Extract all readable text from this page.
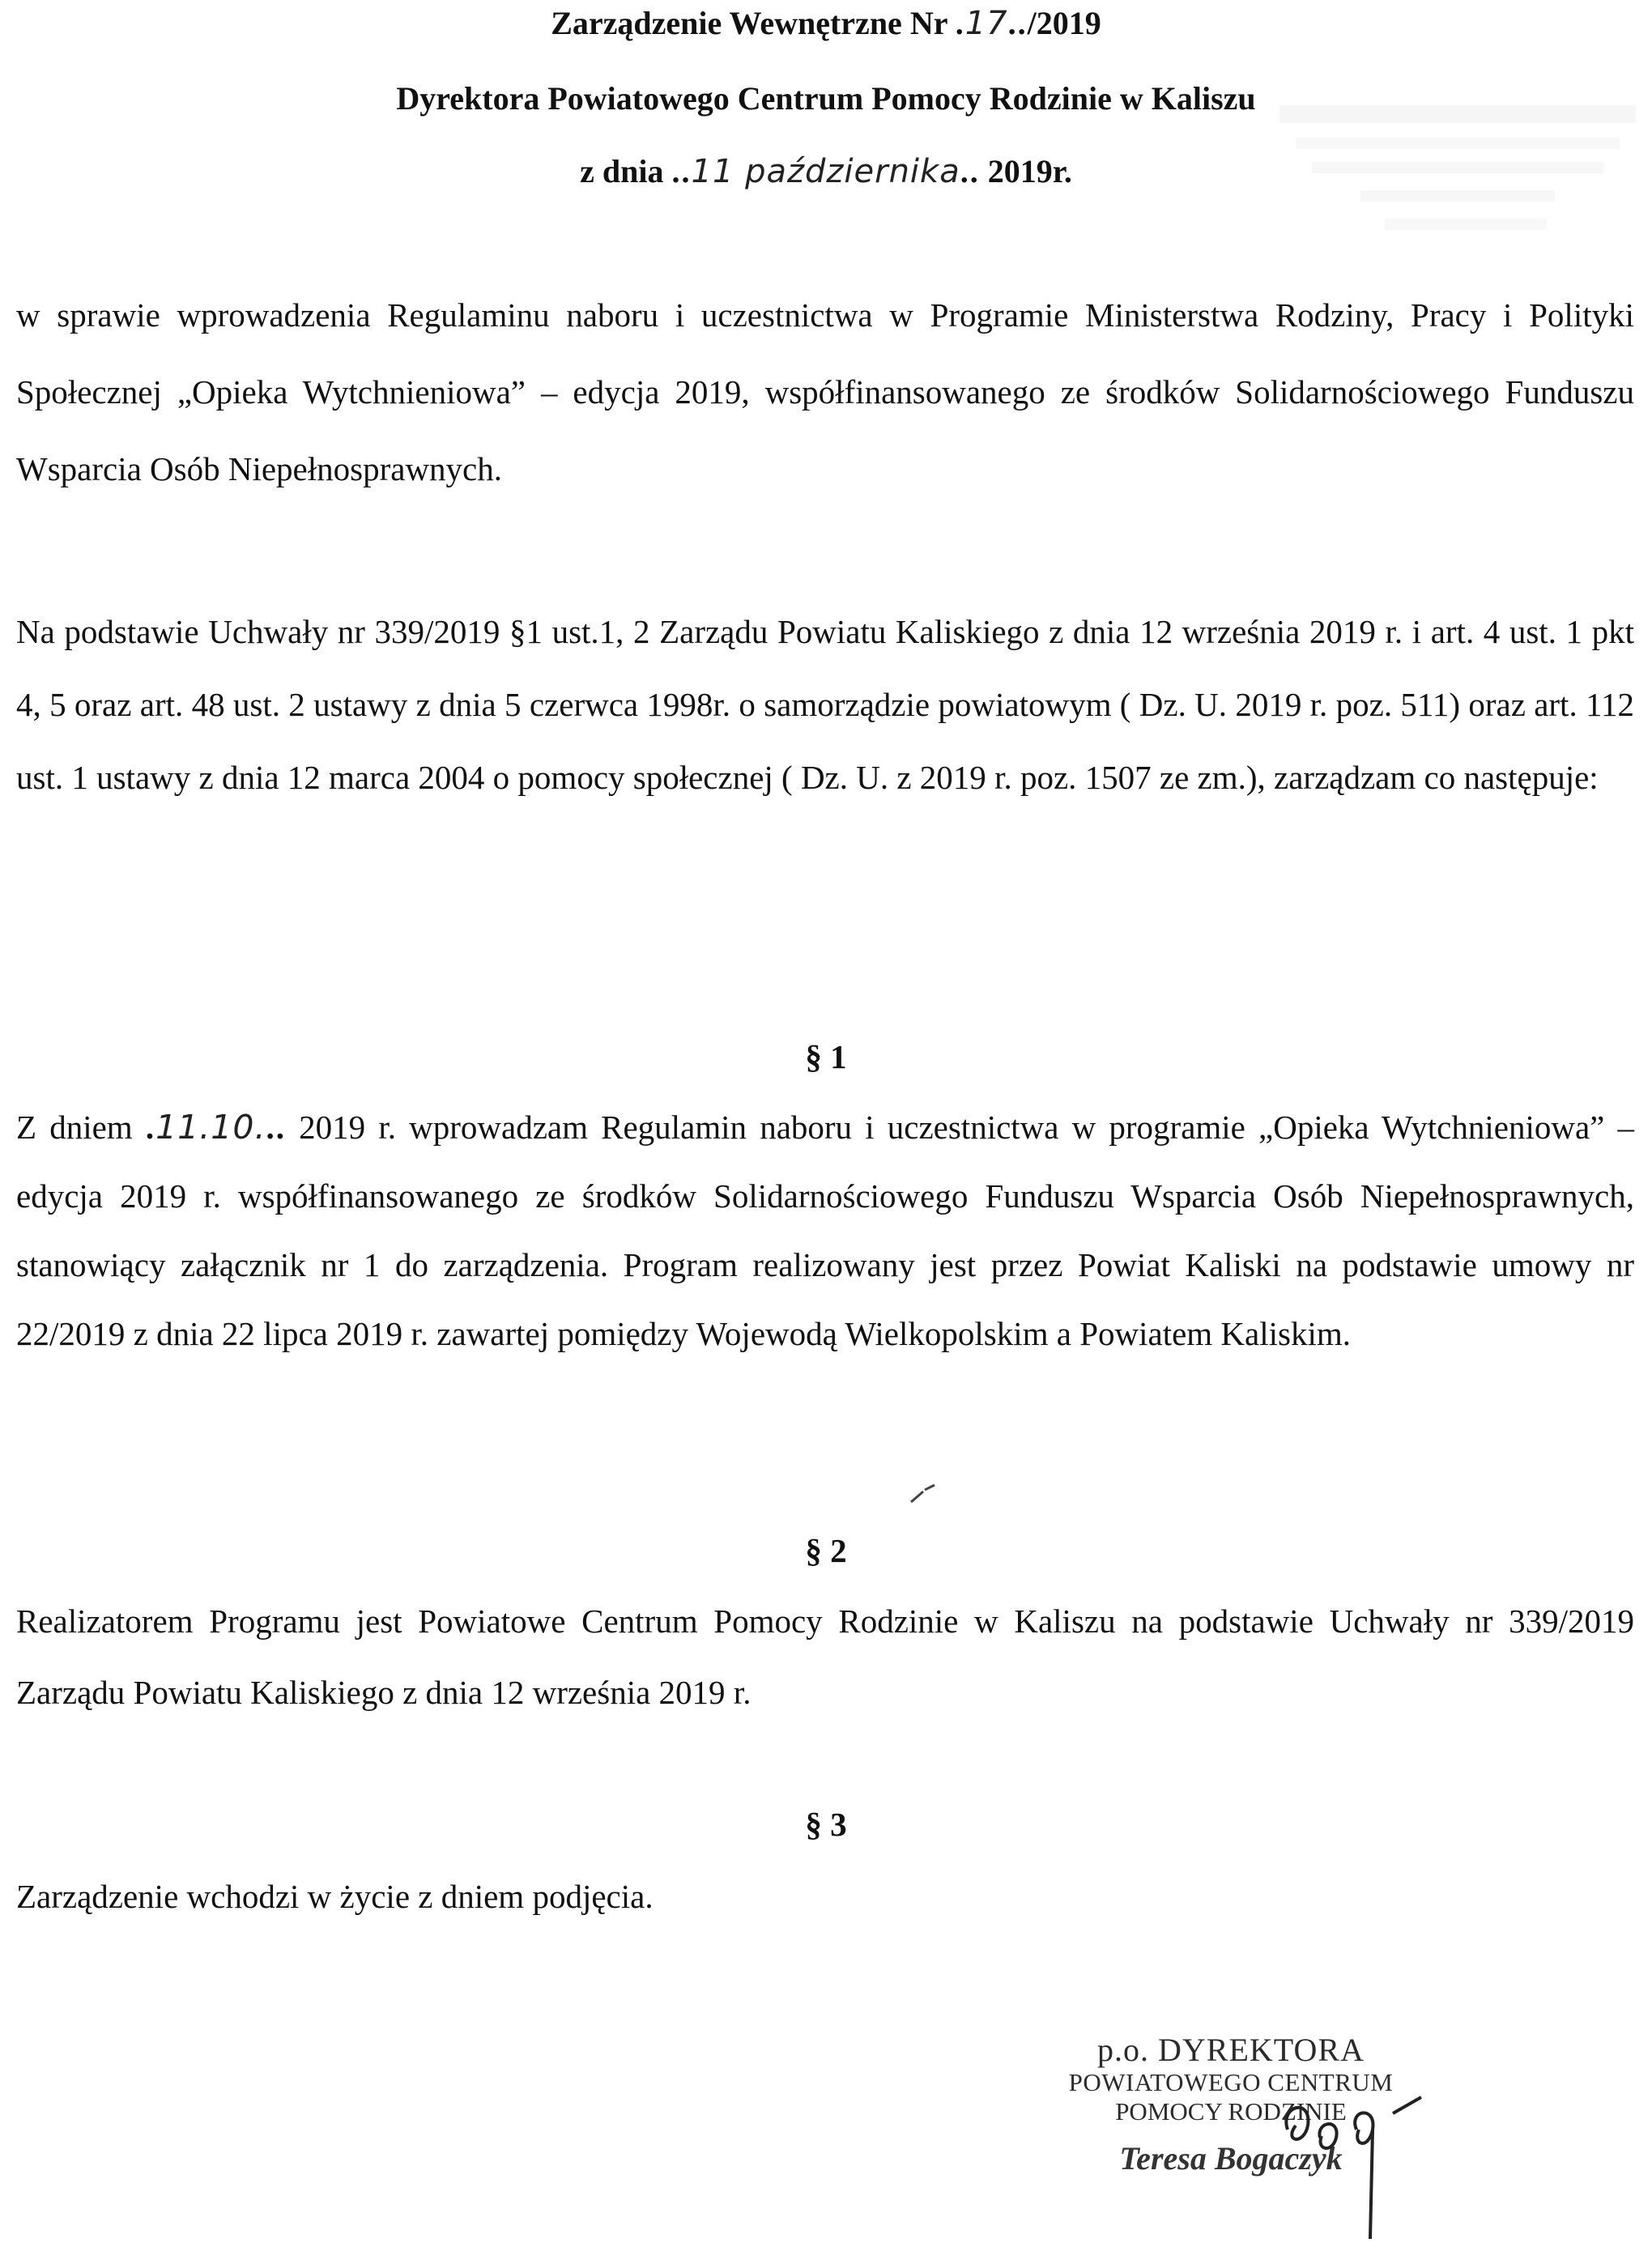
Zarządzenie Wewnętrzne Nr .17../2019
Dyrektora Powiatowego Centrum Pomocy Rodzinie w Kaliszu
z dnia ..11 października.. 2019r.
w sprawie wprowadzenia Regulaminu naboru i uczestnictwa w Programie Ministerstwa Rodziny, Pracy i Polityki Społecznej „Opieka Wytchnieniowa” – edycja 2019, współfinansowanego ze środków Solidarnościowego Funduszu Wsparcia Osób Niepełnosprawnych.
Na podstawie Uchwały nr 339/2019 §1 ust.1, 2 Zarządu Powiatu Kaliskiego z dnia 12 września 2019 r. i art. 4 ust. 1 pkt 4, 5 oraz art. 48 ust. 2 ustawy z dnia 5 czerwca 1998r. o samorządzie powiatowym ( Dz. U. 2019 r. poz. 511) oraz art. 112 ust. 1 ustawy z dnia 12 marca 2004 o pomocy społecznej ( Dz. U. z 2019 r. poz. 1507 ze zm.), zarządzam co następuje:
§ 1
Z dniem .11.10... 2019 r. wprowadzam Regulamin naboru i uczestnictwa w programie „Opieka Wytchnieniowa” – edycja 2019 r. współfinansowanego ze środków Solidarnościowego Funduszu Wsparcia Osób Niepełnosprawnych, stanowiący załącznik nr 1 do zarządzenia. Program realizowany jest przez Powiat Kaliski na podstawie umowy nr 22/2019 z dnia 22 lipca 2019 r. zawartej pomiędzy Wojewodą Wielkopolskim a Powiatem Kaliskim.
§ 2
Realizatorem Programu jest Powiatowe Centrum Pomocy Rodzinie w Kaliszu na podstawie Uchwały nr 339/2019 Zarządu Powiatu Kaliskiego z dnia 12 września 2019 r.
§ 3
Zarządzenie wchodzi w życie z dniem podjęcia.
p.o. DYREKTORA
POWIATOWEGO CENTRUM
POMOCY RODZINIE
Teresa Bogaczyk
